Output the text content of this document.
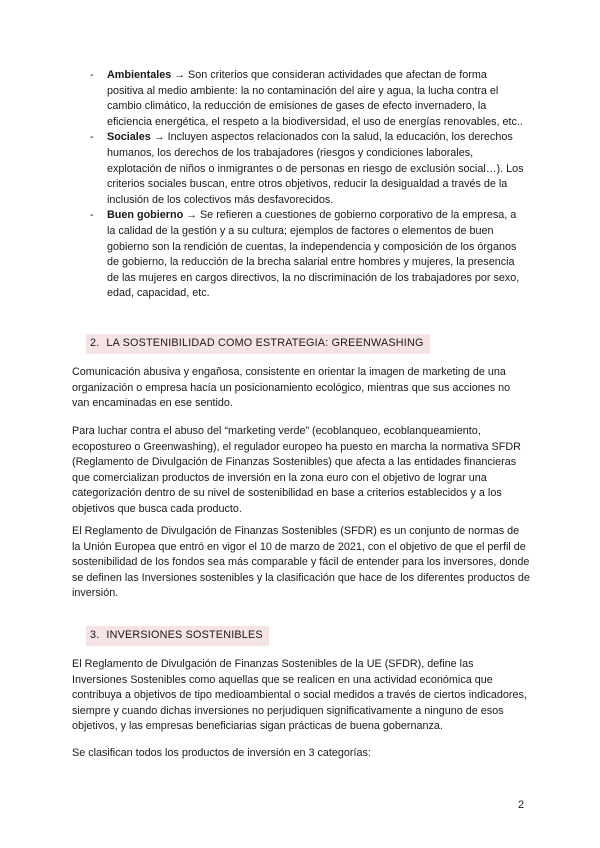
- Ambientales → Son criterios que consideran actividades que afectan de forma positiva al medio ambiente: la no contaminación del aire y agua, la lucha contra el cambio climático, la reducción de emisiones de gases de efecto invernadero, la eficiencia energética, el respeto a la biodiversidad, el uso de energías renovables, etc..
- Sociales → Incluyen aspectos relacionados con la salud, la educación, los derechos humanos, los derechos de los trabajadores (riesgos y condiciones laborales, explotación de niños o inmigrantes o de personas en riesgo de exclusión social…). Los criterios sociales buscan, entre otros objetivos, reducir la desigualdad a través de la inclusión de los colectivos más desfavorecidos.
- Buen gobierno → Se refieren a cuestiones de gobierno corporativo de la empresa, a la calidad de la gestión y a su cultura; ejemplos de factores o elementos de buen gobierno son la rendición de cuentas, la independencia y composición de los órganos de gobierno, la reducción de la brecha salarial entre hombres y mujeres, la presencia de las mujeres en cargos directivos, la no discriminación de los trabajadores por sexo, edad, capacidad, etc.
2. LA SOSTENIBILIDAD COMO ESTRATEGIA: GREENWASHING

Comunicación abusiva y engañosa, consistente en orientar la imagen de marketing de una organización o empresa hacía un posicionamiento ecológico, mientras que sus acciones no van encaminadas en ese sentido.

Para luchar contra el abuso del “marketing verde” (ecoblanqueo, ecoblanqueamiento, ecopostureo o Greenwashing), el regulador europeo ha puesto en marcha la normativa SFDR (Reglamento de Divulgación de Finanzas Sostenibles) que afecta a las entidades financieras que comercializan productos de inversión en la zona euro con el objetivo de lograr una categorización dentro de su nivel de sostenibilidad en base a criterios establecidos y a los objetivos que busca cada producto.

El Reglamento de Divulgación de Finanzas Sostenibles (SFDR) es un conjunto de normas de la Unión Europea que entró en vigor el 10 de marzo de 2021, con el objetivo de que el perfil de sostenibilidad de los fondos sea más comparable y fácil de entender para los inversores, donde se definen las Inversiones sostenibles y la clasificación que hace de los diferentes productos de inversión.

3. INVERSIONES SOSTENIBLES

El Reglamento de Divulgación de Finanzas Sostenibles de la UE (SFDR), define las Inversiones Sostenibles como aquellas que se realicen en una actividad económica que contribuya a objetivos de tipo medioambiental o social medidos a través de ciertos indicadores, siempre y cuando dichas inversiones no perjudiquen significativamente a ninguno de esos objetivos, y las empresas beneficiarias sigan prácticas de buena gobernanza.

Se clasifican todos los productos de inversión en 3 categorías:

2
